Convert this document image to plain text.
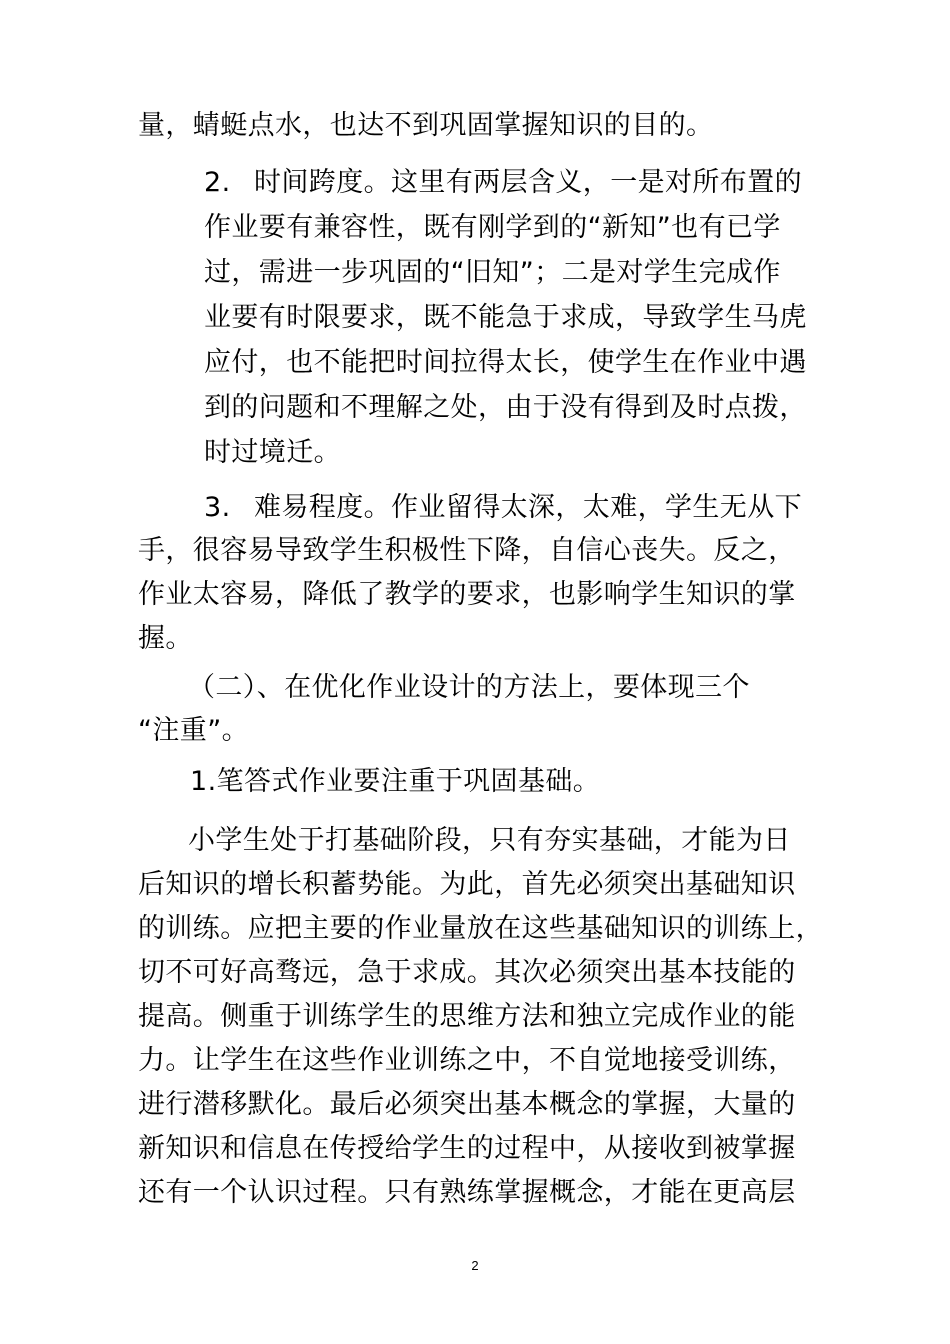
量，蜻蜓点水，也达不到巩固掌握知识的目的。

2. 时间跨度。这里有两层含义，一是对所布置的

作业要有兼容性，既有刚学到的“新知”也有已学

过，需进一步巩固的“旧知”；二是对学生完成作

业要有时限要求，既不能急于求成，导致学生马虎

应付，也不能把时间拉得太长，使学生在作业中遇

到的问题和不理解之处，由于没有得到及时点拨，

时过境迁。

3. 难易程度。作业留得太深，太难，学生无从下

手，很容易导致学生积极性下降，自信心丧失。反之，

作业太容易，降低了教学的要求，也影响学生知识的掌

握。

（二）、在优化作业设计的方法上，要体现三个

“注重”。

1.笔答式作业要注重于巩固基础。

小学生处于打基础阶段，只有夯实基础，才能为日

后知识的增长积蓄势能。为此，首先必须突出基础知识

的训练。应把主要的作业量放在这些基础知识的训练上，

切不可好高骛远，急于求成。其次必须突出基本技能的

提高。侧重于训练学生的思维方法和独立完成作业的能

力。让学生在这些作业训练之中，不自觉地接受训练，

进行潜移默化。最后必须突出基本概念的掌握，大量的

新知识和信息在传授给学生的过程中，从接收到被掌握

还有一个认识过程。只有熟练掌握概念，才能在更高层

2
